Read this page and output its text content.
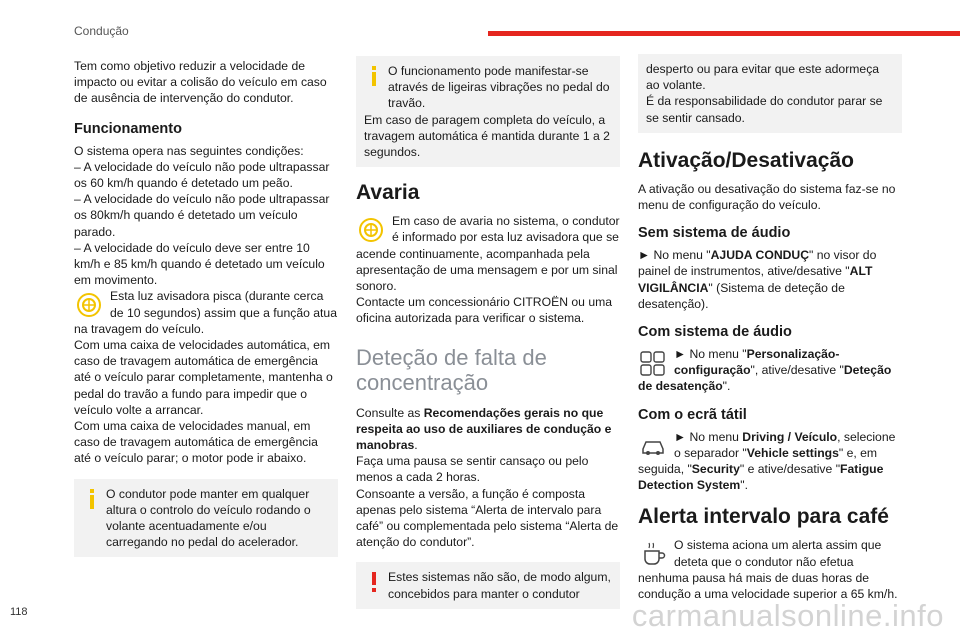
Condução

Tem como objetivo reduzir a velocidade de impacto ou evitar a colisão do veículo em caso de ausência de intervenção do condutor.

Funcionamento

O sistema opera nas seguintes condições:

– A velocidade do veículo não pode ultrapassar os 60 km/h quando é detetado um peão.

– A velocidade do veículo não pode ultrapassar os 80km/h quando é detetado um veículo parado.

– A velocidade do veículo deve ser entre 10 km/h e 85 km/h quando é detetado um veículo em movimento.

Esta luz avisadora pisca (durante cerca de 10 segundos) assim que a função atua na travagem do veículo.

Com uma caixa de velocidades automática, em caso de travagem automática de emergência até o veículo parar completamente, mantenha o pedal do travão a fundo para impedir que o veículo volte a arrancar.

Com uma caixa de velocidades manual, em caso de travagem automática de emergência até o veículo parar; o motor pode ir abaixo.

O condutor pode manter em qualquer altura o controlo do veículo rodando o volante acentuadamente e/ou carregando no pedal do acelerador.

O funcionamento pode manifestar-se através de ligeiras vibrações no pedal do travão.

Em caso de paragem completa do veículo, a travagem automática é mantida durante 1 a 2 segundos.

Avaria

Em caso de avaria no sistema, o condutor é informado por esta luz avisadora que se acende continuamente, acompanhada pela apresentação de uma mensagem e por um sinal sonoro.

Contacte um concessionário CITROËN ou uma oficina autorizada para verificar o sistema.

Deteção de falta de concentração

Consulte as Recomendações gerais no que respeita ao uso de auxiliares de condução e manobras.

Faça uma pausa se sentir cansaço ou pelo menos a cada 2 horas.

Consoante a versão, a função é composta apenas pelo sistema “Alerta de intervalo para café” ou complementada pelo sistema “Alerta de atenção do condutor”.

Estes sistemas não são, de modo algum, concebidos para manter o condutor

desperto ou para evitar que este adormeça ao volante.

É da responsabilidade do condutor parar se se sentir cansado.

Ativação/Desativação

A ativação ou desativação do sistema faz-se no menu de configuração do veículo.

Sem sistema de áudio

► No menu "AJUDA CONDUÇ" no visor do painel de instrumentos, ative/desative "ALT VIGILÂNCIA" (Sistema de deteção de desatenção).

Com sistema de áudio

► No menu "Personalização-configuração", ative/desative "Deteção de desatenção".

Com o ecrã tátil

► No menu Driving / Veículo, selecione o separador "Vehicle settings" e, em seguida, "Security" e ative/desative "Fatigue Detection System".

Alerta intervalo para café

O sistema aciona um alerta assim que deteta que o condutor não efetua nenhuma pausa há mais de duas horas de condução a uma velocidade superior a 65 km/h.

118	carmanualsonline.info
